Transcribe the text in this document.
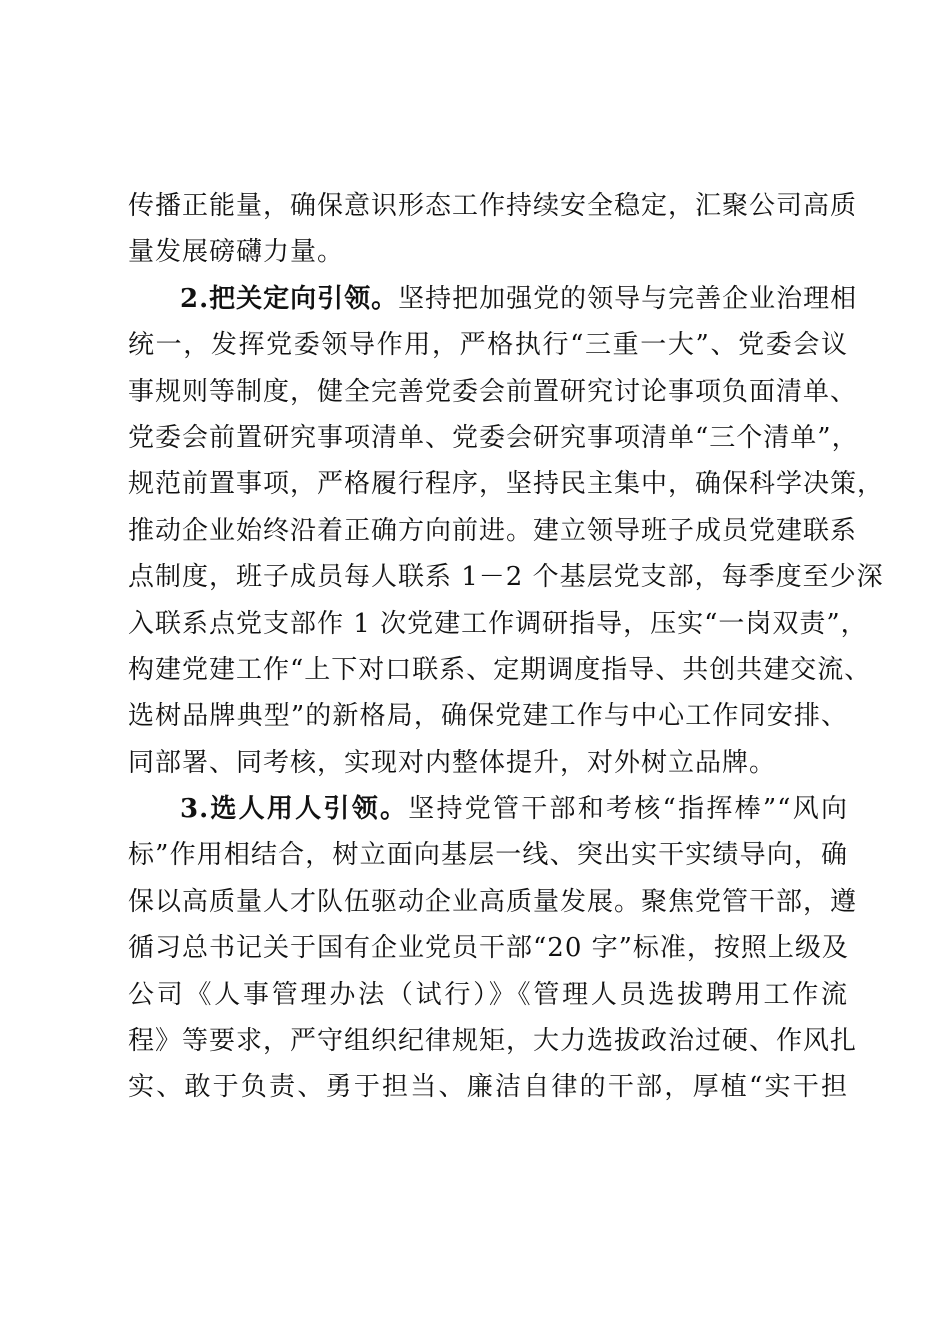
传播正能量，确保意识形态工作持续安全稳定，汇聚公司高质
量发展磅礴力量。
2.把关定向引领。坚持把加强党的领导与完善企业治理相
统一，发挥党委领导作用，严格执行“三重一大”、党委会议
事规则等制度，健全完善党委会前置研究讨论事项负面清单、
党委会前置研究事项清单、党委会研究事项清单“三个清单”，
规范前置事项，严格履行程序，坚持民主集中，确保科学决策，
推动企业始终沿着正确方向前进。建立领导班子成员党建联系
点制度，班子成员每人联系 1－2 个基层党支部，每季度至少深
入联系点党支部作 1 次党建工作调研指导，压实“一岗双责”，
构建党建工作“上下对口联系、定期调度指导、共创共建交流、
选树品牌典型”的新格局，确保党建工作与中心工作同安排、
同部署、同考核，实现对内整体提升，对外树立品牌。
3.选人用人引领。坚持党管干部和考核“指挥棒”“风向
标”作用相结合，树立面向基层一线、突出实干实绩导向，确
保以高质量人才队伍驱动企业高质量发展。聚焦党管干部，遵
循习总书记关于国有企业党员干部“20 字”标准，按照上级及
公司《人事管理办法（试行）》《管理人员选拔聘用工作流
程》等要求，严守组织纪律规矩，大力选拔政治过硬、作风扎
实、敢于负责、勇于担当、廉洁自律的干部，厚植“实干担
